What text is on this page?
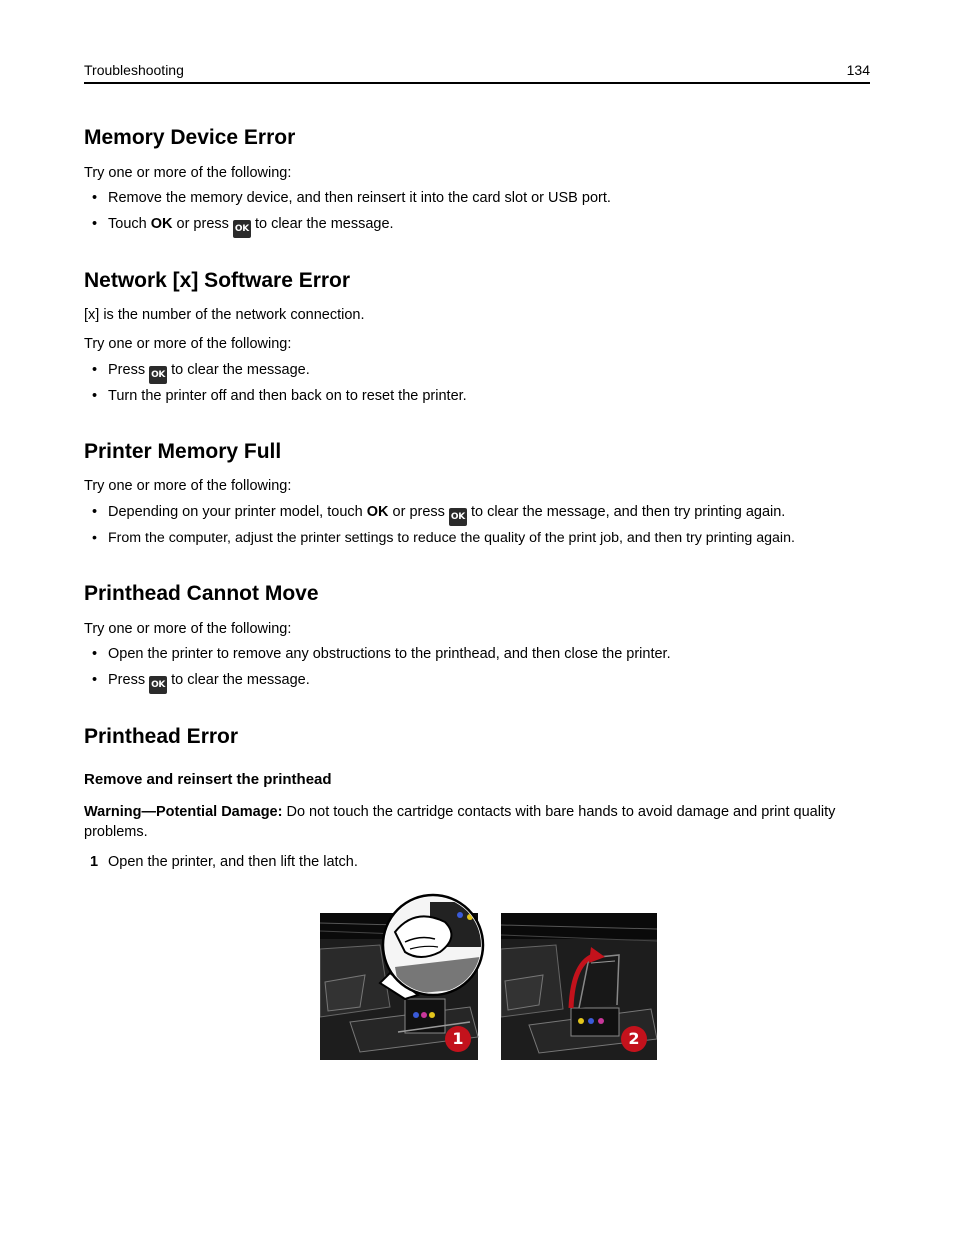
Troubleshooting	134
Memory Device Error

Try one or more of the following:

• Remove the memory device, and then reinsert it into the card slot or USB port.
• Touch OK or press OK to clear the message.
Network [x] Software Error

[x] is the number of the network connection.

Try one or more of the following:

• Press OK to clear the message.
• Turn the printer off and then back on to reset the printer.
Printer Memory Full

Try one or more of the following:

• Depending on your printer model, touch OK or press OK to clear the message, and then try printing again.
• From the computer, adjust the printer settings to reduce the quality of the print job, and then try printing again.
Printhead Cannot Move

Try one or more of the following:

• Open the printer to remove any obstructions to the printhead, and then close the printer.
• Press OK to clear the message.
Printhead Error
Remove and reinsert the printhead

Warning—Potential Damage: Do not touch the cartridge contacts with bare hands to avoid damage and print quality problems.

1 Open the printer, and then lift the latch.
1	2
